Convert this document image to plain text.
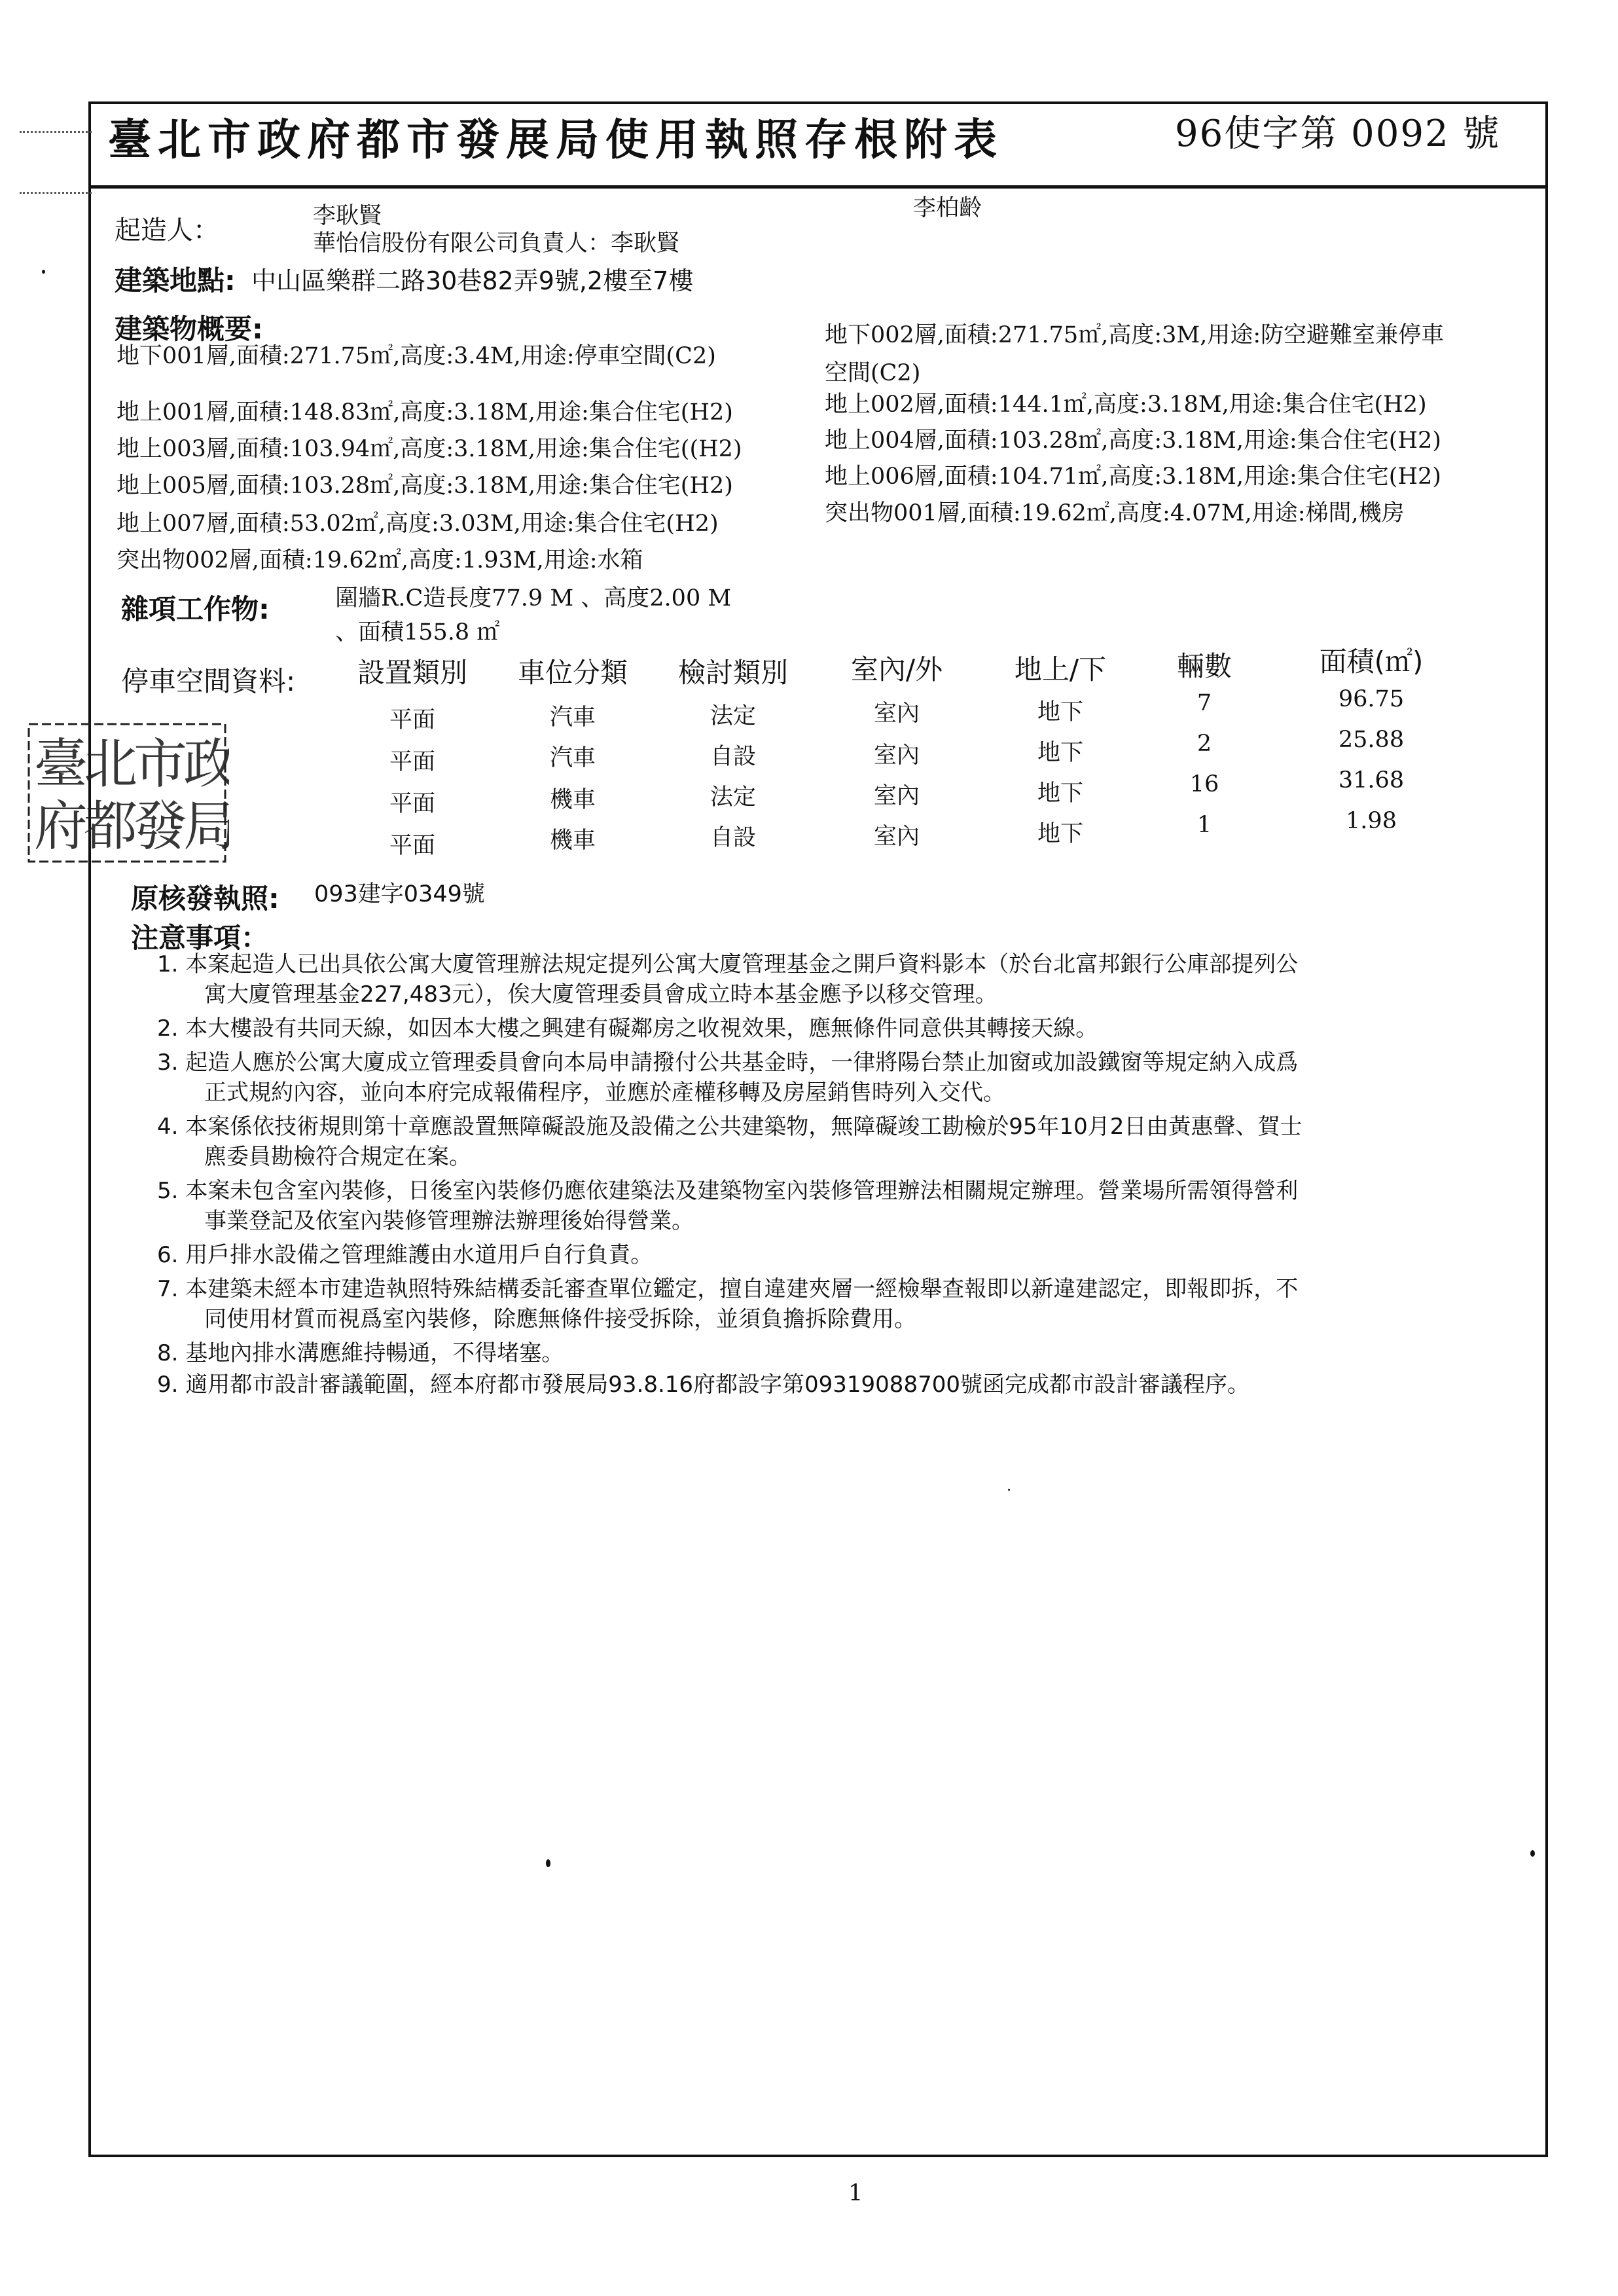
臺北市政府都市發展局使用執照存根附表	96使字第 0092 號
起造人：	李耿賢	李柏齡
華怡信股份有限公司負責人：李耿賢
建築地點: 中山區樂群二路30巷82弄9號,2樓至7樓
建築物概要:
地下001層,面積:271.75㎡,高度:3.4M,用途:停車空間(C2)
地上001層,面積:148.83㎡,高度:3.18M,用途:集合住宅(H2)
地上003層,面積:103.94㎡,高度:3.18M,用途:集合住宅((H2)
地上005層,面積:103.28㎡,高度:3.18M,用途:集合住宅(H2)
地上007層,面積:53.02㎡,高度:3.03M,用途:集合住宅(H2)
突出物002層,面積:19.62㎡,高度:1.93M,用途:水箱
地下002層,面積:271.75㎡,高度:3M,用途:防空避難室兼停車
空間(C2)
地上002層,面積:144.1㎡,高度:3.18M,用途:集合住宅(H2)
地上004層,面積:103.28㎡,高度:3.18M,用途:集合住宅(H2)
地上006層,面積:104.71㎡,高度:3.18M,用途:集合住宅(H2)
突出物001層,面積:19.62㎡,高度:4.07M,用途:梯間,機房
雜項工作物:	圍牆R.C造長度77.9 M 、高度2.00 M
、面積155.8 ㎡
停車空間資料:	設置類別	車位分類	檢討類別	室內/外	地上/下	輛數	面積(㎡)
平面	汽車	法定	室內	地下	7	96.75
平面	汽車	自設	室內	地下	2	25.88
平面	機車	法定	室內	地下	16	31.68
平面	機車	自設	室內	地下	1	1.98
臺北市政
府都發局
原核發執照: 093建字0349號
注意事項：
1. 本案起造人已出具依公寓大廈管理辦法規定提列公寓大廈管理基金之開戶資料影本（於台北富邦銀行公庫部提列公
寓大廈管理基金227,483元），俟大廈管理委員會成立時本基金應予以移交管理。
2. 本大樓設有共同天線，如因本大樓之興建有礙鄰房之收視效果，應無條件同意供其轉接天線。
3. 起造人應於公寓大廈成立管理委員會向本局申請撥付公共基金時，一律將陽台禁止加窗或加設鐵窗等規定納入成爲
正式規約內容，並向本府完成報備程序，並應於產權移轉及房屋銷售時列入交代。
4. 本案係依技術規則第十章應設置無障礙設施及設備之公共建築物，無障礙竣工勘檢於95年10月2日由黃惠聲、賀士
麃委員勘檢符合規定在案。
5. 本案未包含室內裝修，日後室內裝修仍應依建築法及建築物室內裝修管理辦法相關規定辦理。營業場所需領得營利
事業登記及依室內裝修管理辦法辦理後始得營業。
6. 用戶排水設備之管理維護由水道用戶自行負責。
7. 本建築未經本市建造執照特殊結構委託審查單位鑑定，擅自違建夾層一經檢舉查報即以新違建認定，即報即拆，不
同使用材質而視爲室內裝修，除應無條件接受拆除，並須負擔拆除費用。
8. 基地內排水溝應維持暢通，不得堵塞。
9. 適用都市設計審議範圍，經本府都市發展局93.8.16府都設字第09319088700號函完成都市設計審議程序。
1
